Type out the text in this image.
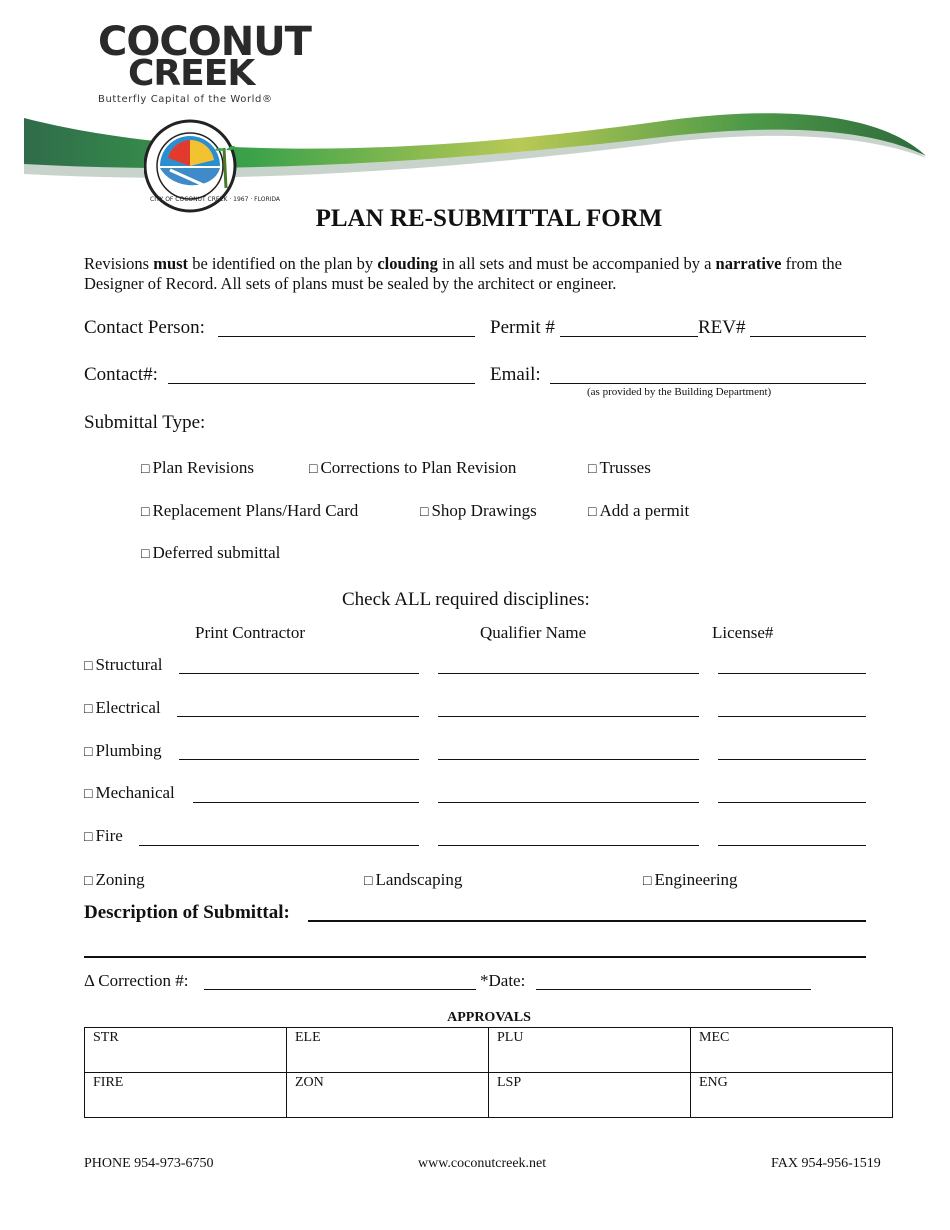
COCONUT
CREEK
Butterfly Capital of the World®
CITY OF COCONUT CREEK · 1967 · FLORIDA
PLAN RE-SUBMITTAL FORM
Revisions must be identified on the plan by clouding in all sets and must be accompanied by a narrative from the Designer of Record. All sets of plans must be sealed by the architect or engineer.
Contact Person:	Permit #	REV#
Contact#:	Email:
(as provided by the Building Department)
Submittal Type:
□ Plan Revisions	□ Corrections to Plan Revision	□ Trusses
□ Replacement Plans/Hard Card	□ Shop Drawings	□ Add a permit
□ Deferred submittal
Check ALL required disciplines:
Print Contractor	Qualifier Name	License#
□ Structural
□ Electrical
□ Plumbing
□ Mechanical
□ Fire
□ Zoning	□ Landscaping	□ Engineering
Description of Submittal:
Δ Correction #:	*Date:
APPROVALS
STR	ELE	PLU	MEC
FIRE	ZON	LSP	ENG
PHONE 954-973-6750	www.coconutcreek.net	FAX 954-956-1519
